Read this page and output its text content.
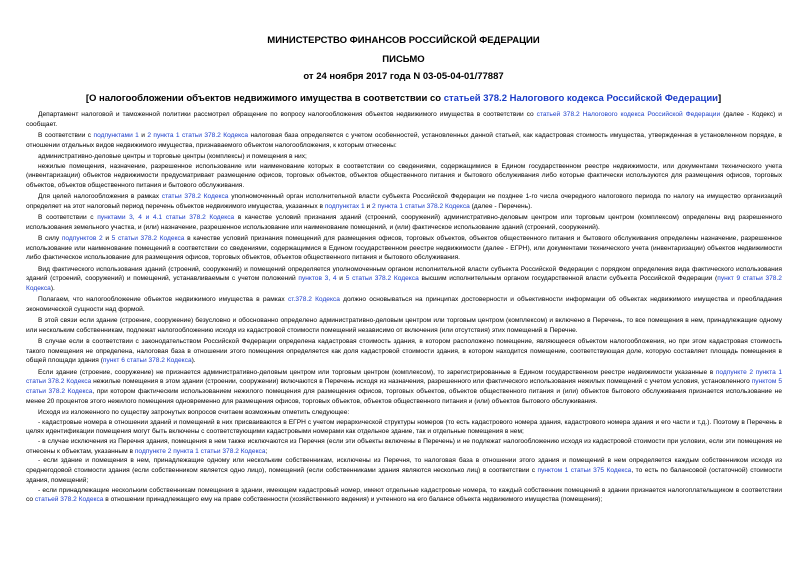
МИНИСТЕРСТВО ФИНАНСОВ РОССИЙСКОЙ ФЕДЕРАЦИИ
ПИСЬМО
от 24 ноября 2017 года N 03-05-04-01/77887
[О налогообложении объектов недвижимого имущества в соответствии со статьей 378.2 Налогового кодекса Российской Федерации]

Департамент налоговой и таможенной политики рассмотрел обращение по вопросу налогообложения объектов недвижимого имущества в соответствии со статьей 378.2 Налогового кодекса Российской Федерации (далее - Кодекс) и сообщает.

В соответствии с подпунктами 1 и 2 пункта 1 статьи 378.2 Кодекса налоговая база определяется с учетом особенностей, установленных данной статьей, как кадастровая стоимость имущества, утвержденная в установленном порядке, в отношении отдельных видов недвижимого имущества, признаваемого объектом налогообложения, к которым отнесены:

административно-деловые центры и торговые центры (комплексы) и помещения в них;

нежилые помещения, назначение, разрешенное использование или наименование которых в соответствии со сведениями, содержащимися в Едином государственном реестре недвижимости, или документами технического учета (инвентаризации) объектов недвижимости предусматривает размещение офисов, торговых объектов, объектов общественного питания и бытового обслуживания либо которые фактически используются для размещения офисов, торговых объектов, объектов общественного питания и бытового обслуживания.

Для целей налогообложения в рамках статьи 378.2 Кодекса уполномоченный орган исполнительной власти субъекта Российской Федерации не позднее 1-го числа очередного налогового периода по налогу на имущество организаций определяет на этот налоговый период перечень объектов недвижимого имущества, указанных в подпунктах 1 и 2 пункта 1 статьи 378.2 Кодекса (далее - Перечень).

В соответствии с пунктами 3, 4 и 4.1 статьи 378.2 Кодекса в качестве условий признания зданий (строений, сооружений) административно-деловым центром или торговым центром (комплексом) определены вид разрешенного использования земельного участка, и (или) назначение, разрешенное использование или наименование помещений, и (или) фактическое использование зданий (строений, сооружений).

В силу подпунктов 2 и 5 статьи 378.2 Кодекса в качестве условий признания помещений для размещения офисов, торговых объектов, объектов общественного питания и бытового обслуживания определены назначение, разрешенное использование или наименование помещений в соответствии со сведениями, содержащимися в Едином государственном реестре недвижимости (далее - ЕГРН), или документами технического учета (инвентаризации) объектов недвижимости либо фактическое использование для размещения офисов, торговых объектов, объектов общественного питания и бытового обслуживания.

Вид фактического использования зданий (строений, сооружений) и помещений определяется уполномоченным органом исполнительной власти субъекта Российской Федерации с порядком определения вида фактического использования зданий (строений, сооружений) и помещений, устанавливаемым с учетом положений пунктов 3, 4 и 5 статьи 378.2 Кодекса высшим исполнительным органом государственной власти субъекта Российской Федерации (пункт 9 статьи 378.2 Кодекса).

Полагаем, что налогообложение объектов недвижимого имущества в рамках ст.378.2 Кодекса должно основываться на принципах достоверности и объективности информации об объектах недвижимого имущества и преобладания экономической сущности над формой.

В этой связи если здание (строение, сооружение) безусловно и обоснованно определено административно-деловым центром или торговым центром (комплексом) и включено в Перечень, то все помещения в нем, принадлежащие одному или нескольким собственникам, подлежат налогообложению исходя из кадастровой стоимости помещений независимо от включения (или отсутствия) этих помещений в Перечне.

В случае если в соответствии с законодательством Российской Федерации определена кадастровая стоимость здания, в котором расположено помещение, являющееся объектом налогообложения, но при этом кадастровая стоимость такого помещения не определена, налоговая база в отношении этого помещения определяется как доля кадастровой стоимости здания, в котором находится помещение, соответствующая доле, которую составляет площадь помещения в общей площади здания (пункт 6 статьи 378.2 Кодекса).

Если здание (строение, сооружение) не признается административно-деловым центром или торговым центром (комплексом), то зарегистрированные в Едином государственном реестре недвижимости указанные в подпункте 2 пункта 1 статьи 378.2 Кодекса нежилые помещения в этом здании (строении, сооружении) включаются в Перечень исходя из назначения, разрешенного или фактического использования нежилых помещений с учетом условия, установленного пунктом 5 статьи 378.2 Кодекса, при котором фактическим использованием нежилого помещения для размещения офисов, торговых объектов, объектов общественного питания и (или) объектов бытового обслуживания признается использование не менее 20 процентов этого нежилого помещения одновременно для размещения офисов, торговых объектов, объектов общественного питания и (или) объектов бытового обслуживания.

Исходя из изложенного по существу затронутых вопросов считаем возможным отметить следующее:

- кадастровые номера в отношении зданий и помещений в них присваиваются в ЕГРН с учетом иерархической структуры номеров (то есть кадастрового номера здания, кадастрового номера здания и его части и т.д.). Поэтому в Перечень в целях идентификации помещения могут быть включены с соответствующими кадастровыми номерами как отдельное здание, так и отдельные помещения в нем;

- в случае исключения из Перечня здания, помещения в нем также исключаются из Перечня (если эти объекты включены в Перечень) и не подлежат налогообложению исходя из кадастровой стоимости при условии, если эти помещения не отнесены к объектам, указанным в подпункте 2 пункта 1 статьи 378.2 Кодекса;

- если здание и помещения в нем, принадлежащие одному или нескольким собственникам, исключены из Перечня, то налоговая база в отношении этого здания и помещений в нем определяется каждым собственником исходя из среднегодовой стоимости здания (если собственником является одно лицо), помещений (если собственниками здания являются несколько лиц) в соответствии с пунктом 1 статьи 375 Кодекса, то есть по балансовой (остаточной) стоимости здания, помещений;

- если принадлежащие нескольким собственникам помещения в здании, имеющем кадастровый номер, имеют отдельные кадастровые номера, то каждый собственник помещений в здании признается налогоплательщиком в соответствии со статьей 378.2 Кодекса в отношении принадлежащего ему на праве собственности (хозяйственного ведения) и учтенного на его балансе объекта недвижимого имущества (помещения);
